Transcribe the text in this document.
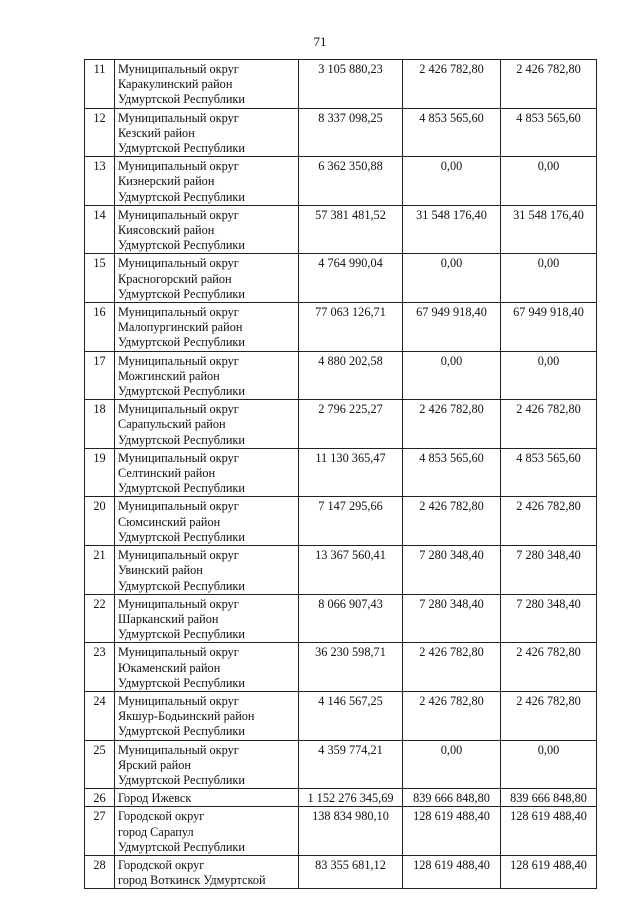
71
11	Муниципальный округ
Каракулинский район
Удмуртской Республики	3 105 880,23	2 426 782,80	2 426 782,80
12	Муниципальный округ
Кезский район
Удмуртской Республики	8 337 098,25	4 853 565,60	4 853 565,60
13	Муниципальный округ
Кизнерский район
Удмуртской Республики	6 362 350,88	0,00	0,00
14	Муниципальный округ
Киясовский район
Удмуртской Республики	57 381 481,52	31 548 176,40	31 548 176,40
15	Муниципальный округ
Красногорский район
Удмуртской Республики	4 764 990,04	0,00	0,00
16	Муниципальный округ
Малопургинский район
Удмуртской Республики	77 063 126,71	67 949 918,40	67 949 918,40
17	Муниципальный округ
Можгинский район
Удмуртской Республики	4 880 202,58	0,00	0,00
18	Муниципальный округ
Сарапульский район
Удмуртской Республики	2 796 225,27	2 426 782,80	2 426 782,80
19	Муниципальный округ
Селтинский район
Удмуртской Республики	11 130 365,47	4 853 565,60	4 853 565,60
20	Муниципальный округ
Сюмсинский район
Удмуртской Республики	7 147 295,66	2 426 782,80	2 426 782,80
21	Муниципальный округ
Увинский район
Удмуртской Республики	13 367 560,41	7 280 348,40	7 280 348,40
22	Муниципальный округ
Шарканский район
Удмуртской Республики	8 066 907,43	7 280 348,40	7 280 348,40
23	Муниципальный округ
Юкаменский район
Удмуртской Республики	36 230 598,71	2 426 782,80	2 426 782,80
24	Муниципальный округ
Якшур-Бодьинский район
Удмуртской Республики	4 146 567,25	2 426 782,80	2 426 782,80
25	Муниципальный округ
Ярский район
Удмуртской Республики	4 359 774,21	0,00	0,00
26	Город Ижевск	1 152 276 345,69	839 666 848,80	839 666 848,80
27	Городской округ
город Сарапул
Удмуртской Республики	138 834 980,10	128 619 488,40	128 619 488,40
28	Городской округ
город Воткинск Удмуртской	83 355 681,12	128 619 488,40	128 619 488,40
